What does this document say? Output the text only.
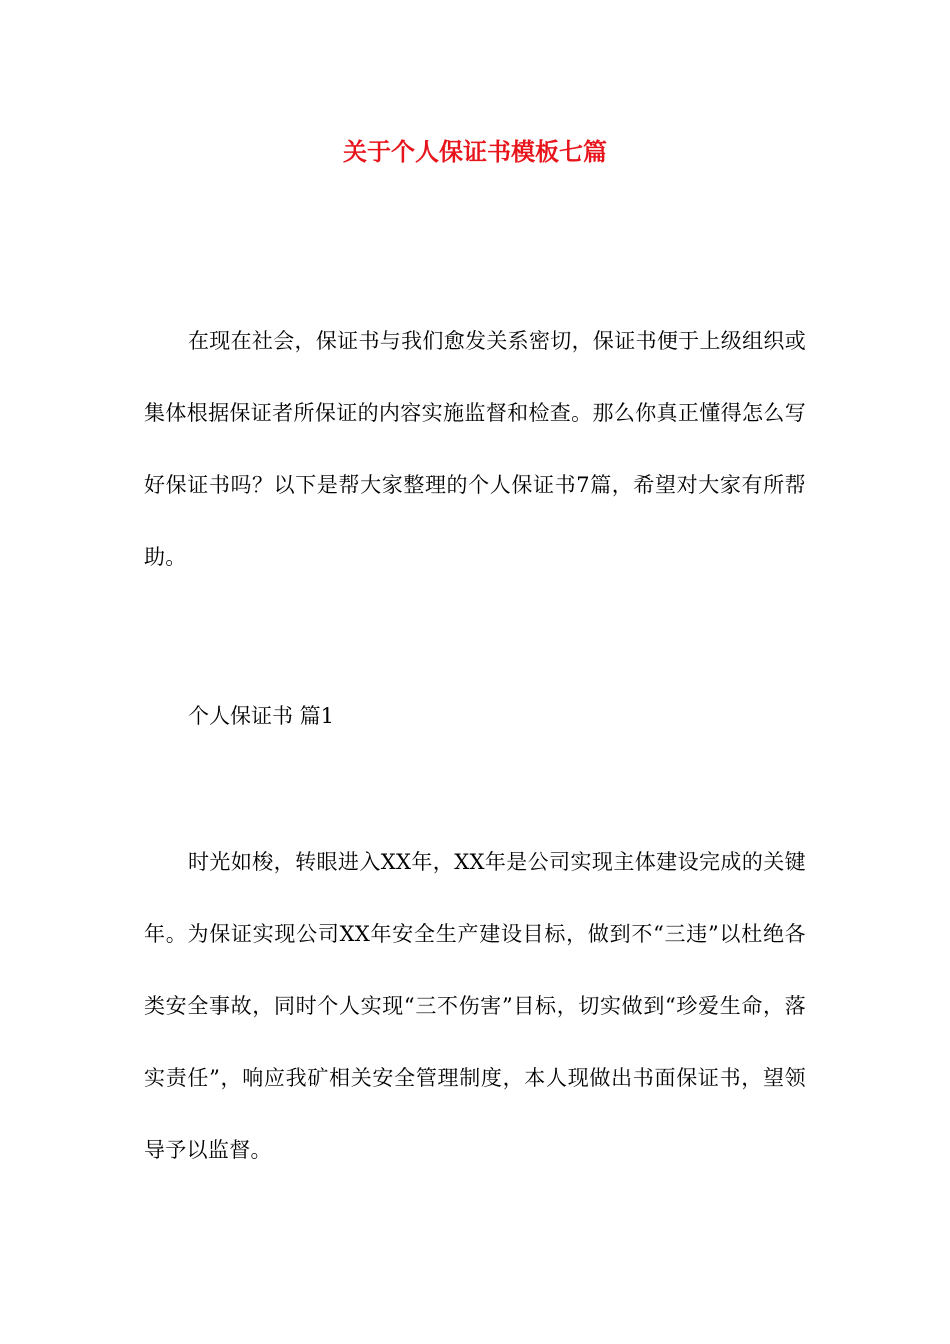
关于个人保证书模板七篇

在现在社会，保证书与我们愈发关系密切，保证书便于上级组织或集体根据保证者所保证的内容实施监督和检查。那么你真正懂得怎么写好保证书吗？以下是帮大家整理的个人保证书7篇，希望对大家有所帮助。

个人保证书 篇1

时光如梭，转眼进入XX年，XX年是公司实现主体建设完成的关键年。为保证实现公司XX年安全生产建设目标，做到不“三违”以杜绝各类安全事故，同时个人实现“三不伤害”目标，切实做到“珍爱生命，落实责任”，响应我矿相关安全管理制度，本人现做出书面保证书，望领导予以监督。
